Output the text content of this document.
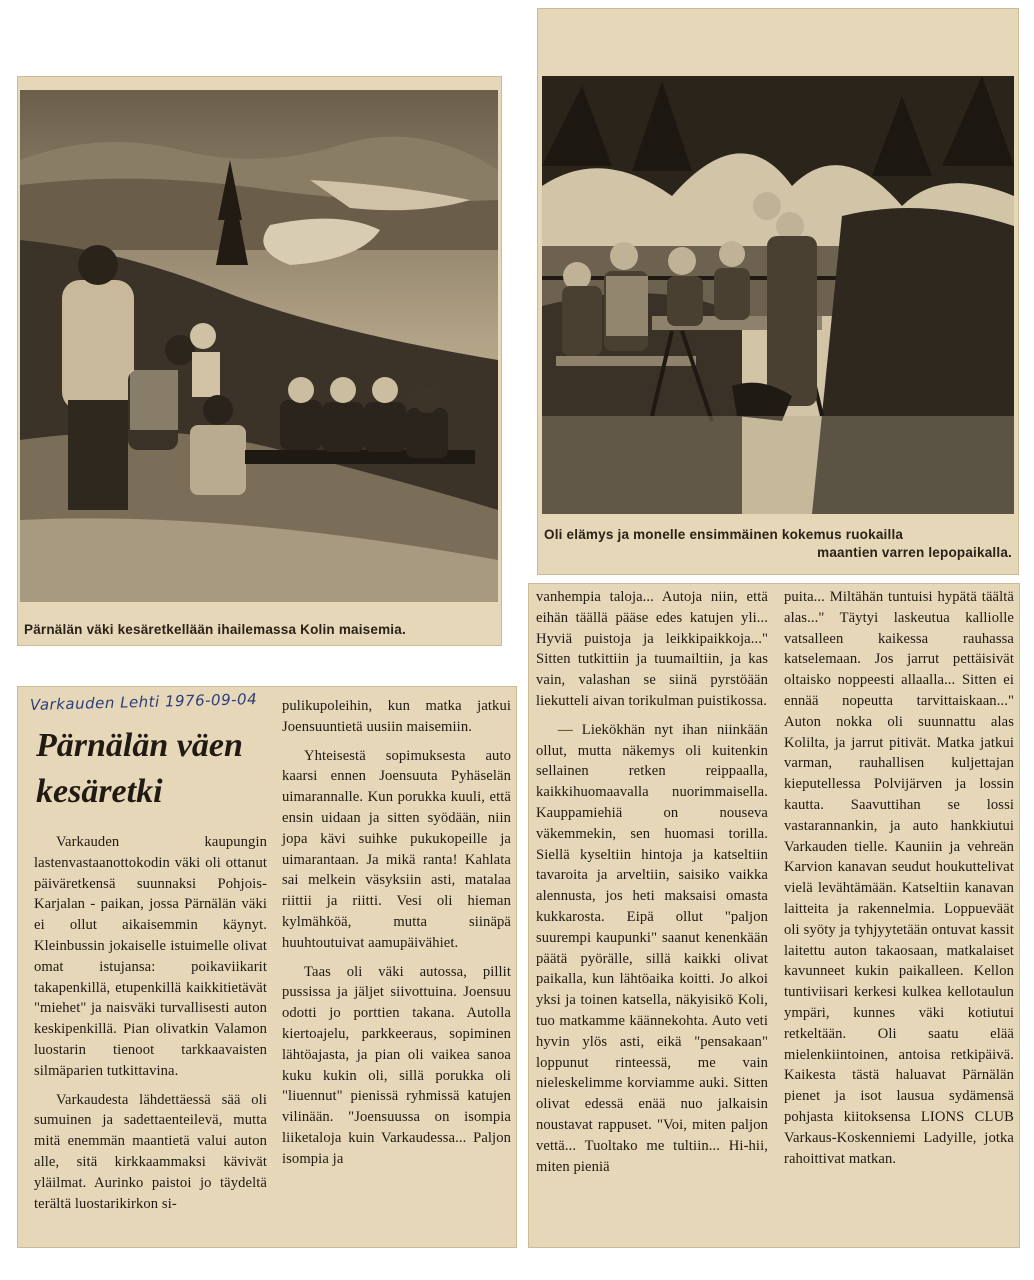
Pärnälän väki kesäretkellään ihailemassa Kolin maisemia.
Oli elämys ja monelle ensimmäinen kokemus ruokailla
maantien varren lepopaikalla.
Varkauden Lehti 1976-09-04
Pärnälän väen
kesäretki

Varkauden kaupungin lastenvastaanottokodin väki oli ottanut päiväretkensä suunnaksi Pohjois-Karjalan - paikan, jossa Pärnälän väki ei ollut aikaisemmin käynyt. Kleinbussin jokaiselle istuimelle olivat omat istujansa: poikaviikarit takapenkillä, etupenkillä kaikkitietävät "miehet" ja naisväki turvallisesti auton keskipenkillä. Pian olivatkin Valamon luostarin tienoot tarkkaavaisten silmäparien tutkittavina.

Varkaudesta lähdettäessä sää oli sumuinen ja sadettaenteilevä, mutta mitä enemmän maantietä valui auton alle, sitä kirkkaammaksi kävivät yläilmat. Aurinko paistoi jo täydeltä terältä luostarikirkon si-

pulikupoleihin, kun matka jatkui Joensuuntietä uusiin maisemiin.

Yhteisestä sopimuksesta auto kaarsi ennen Joensuuta Pyhäselän uimarannalle. Kun porukka kuuli, että ensin uidaan ja sitten syödään, niin jopa kävi suihke pukukopeille ja uimarantaan. Ja mikä ranta! Kahlata sai melkein väsyksiin asti, matalaa riittii ja riitti. Vesi oli hieman kylmähköä, mutta siinäpä huuhtoutuivat aamupäivähiet.

Taas oli väki autossa, pillit pussissa ja jäljet siivottuina. Joensuu odotti jo porttien takana. Autolla kiertoajelu, parkkeeraus, sopiminen lähtöajasta, ja pian oli vaikea sanoa kuku kukin oli, sillä porukka oli "liuennut" pienissä ryhmissä katujen vilinään. "Joensuussa on isompia liiketaloja kuin Varkaudessa... Paljon isompia ja

vanhempia taloja... Autoja niin, että eihän täällä pääse edes katujen yli... Hyviä puistoja ja leikkipaikkoja..." Sitten tutkittiin ja tuumailtiin, ja kas vain, valashan se siinä pyrstöään liekutteli aivan torikulman puistikossa.

— Liekökhän nyt ihan niinkään ollut, mutta näkemys oli kuitenkin sellainen retken reippaalla, kaikkihuomaavalla nuorimmaisella. Kauppamiehiä on nouseva väkemmekin, sen huomasi torilla. Siellä kyseltiin hintoja ja katseltiin tavaroita ja arveltiin, saisiko vaikka alennusta, jos heti maksaisi omasta kukkarosta. Eipä ollut "paljon suurempi kaupunki" saanut kenenkään päätä pyörälle, sillä kaikki olivat paikalla, kun lähtöaika koitti. Jo alkoi yksi ja toinen katsella, näkyisikö Koli, tuo matkamme käännekohta. Auto veti hyvin ylös asti, eikä "pensakaan" loppunut rinteessä, me vain nieleskelimme korviamme auki. Sitten olivat edessä enää nuo jalkaisin noustavat rappuset. "Voi, miten paljon vettä... Tuoltako me tultiin... Hi-hii, miten pieniä

puita... Miltähän tuntuisi hypätä täältä alas..." Täytyi laskeutua kalliolle vatsalleen kaikessa rauhassa katselemaan. Jos jarrut pettäisivät oltaisko noppeesti allaalla... Sitten ei ennää nopeutta tarvittaiskaan..." Auton nokka oli suunnattu alas Kolilta, ja jarrut pitivät. Matka jatkui varman, rauhallisen kuljettajan kieputellessa Polvijärven ja lossin kautta. Saavuttihan se lossi vastarannankin, ja auto hankkiutui Varkauden tielle. Kauniin ja vehreän Karvion kanavan seudut houkuttelivat vielä levähtämään. Katseltiin kanavan laitteita ja rakennelmia. Loppueväät oli syöty ja tyhjyytetään ontuvat kassit laitettu auton takaosaan, matkalaiset kavunneet kukin paikalleen. Kellon tuntiviisari kerkesi kulkea kellotaulun ympäri, kunnes väki kotiutui retkeltään. Oli saatu elää mielenkiintoinen, antoisa retkipäivä. Kaikesta tästä haluavat Pärnälän pienet ja isot lausua sydämensä pohjasta kiitoksensa LIONS CLUB Varkaus-Koskenniemi Ladyille, jotka rahoittivat matkan.
